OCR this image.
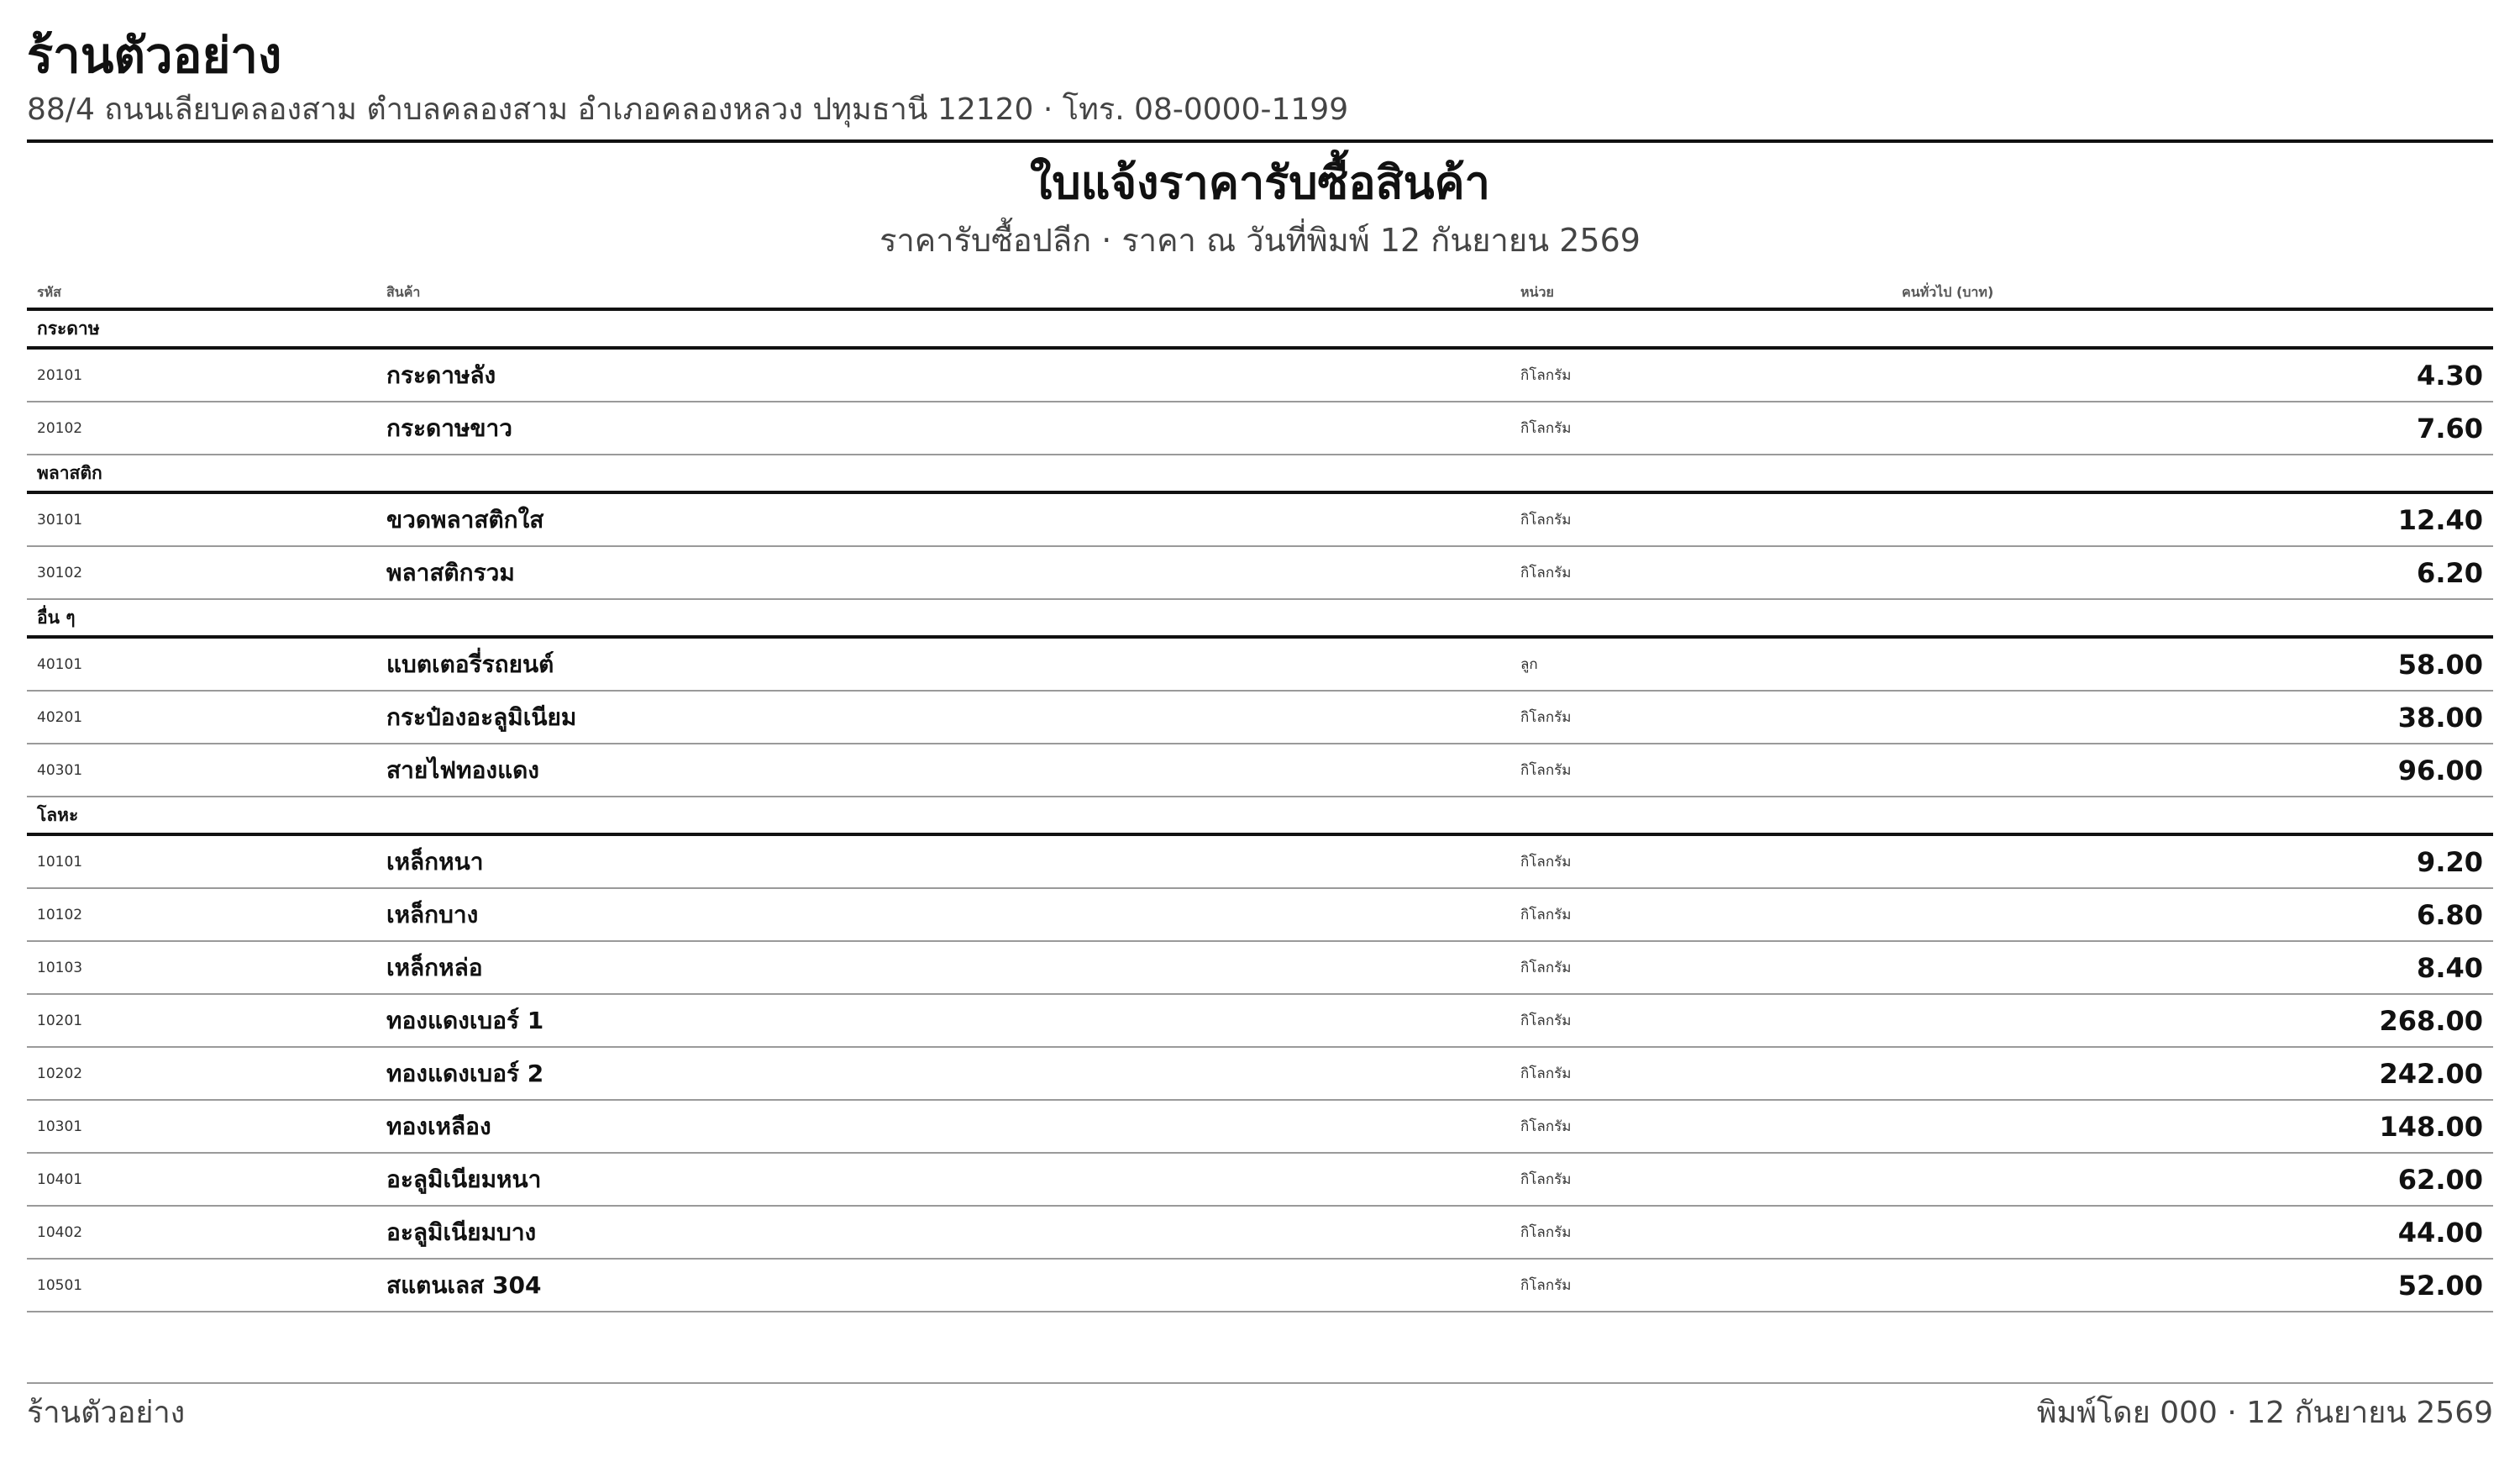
ร้านตัวอย่าง
88/4 ถนนเลียบคลองสาม ตำบลคลองสาม อำเภอคลองหลวง ปทุมธานี 12120 · โทร. 08-0000-1199
ใบแจ้งราคารับซื้อสินค้า
ราคารับซื้อปลีก · ราคา ณ วันที่พิมพ์ 12 กันยายน 2569
รหัส	สินค้า	หน่วย	คนทั่วไป (บาท)
กระดาษ			
20101	กระดาษลัง	กิโลกรัม	4.30
20102	กระดาษขาว	กิโลกรัม	7.60
พลาสติก			
30101	ขวดพลาสติกใส	กิโลกรัม	12.40
30102	พลาสติกรวม	กิโลกรัม	6.20
อื่น ๆ			
40101	แบตเตอรี่รถยนต์	ลูก	58.00
40201	กระป๋องอะลูมิเนียม	กิโลกรัม	38.00
40301	สายไฟทองแดง	กิโลกรัม	96.00
โลหะ			
10101	เหล็กหนา	กิโลกรัม	9.20
10102	เหล็กบาง	กิโลกรัม	6.80
10103	เหล็กหล่อ	กิโลกรัม	8.40
10201	ทองแดงเบอร์ 1	กิโลกรัม	268.00
10202	ทองแดงเบอร์ 2	กิโลกรัม	242.00
10301	ทองเหลือง	กิโลกรัม	148.00
10401	อะลูมิเนียมหนา	กิโลกรัม	62.00
10402	อะลูมิเนียมบาง	กิโลกรัม	44.00
10501	สแตนเลส 304	กิโลกรัม	52.00
ร้านตัวอย่าง	พิมพ์โดย 000 · 12 กันยายน 2569
